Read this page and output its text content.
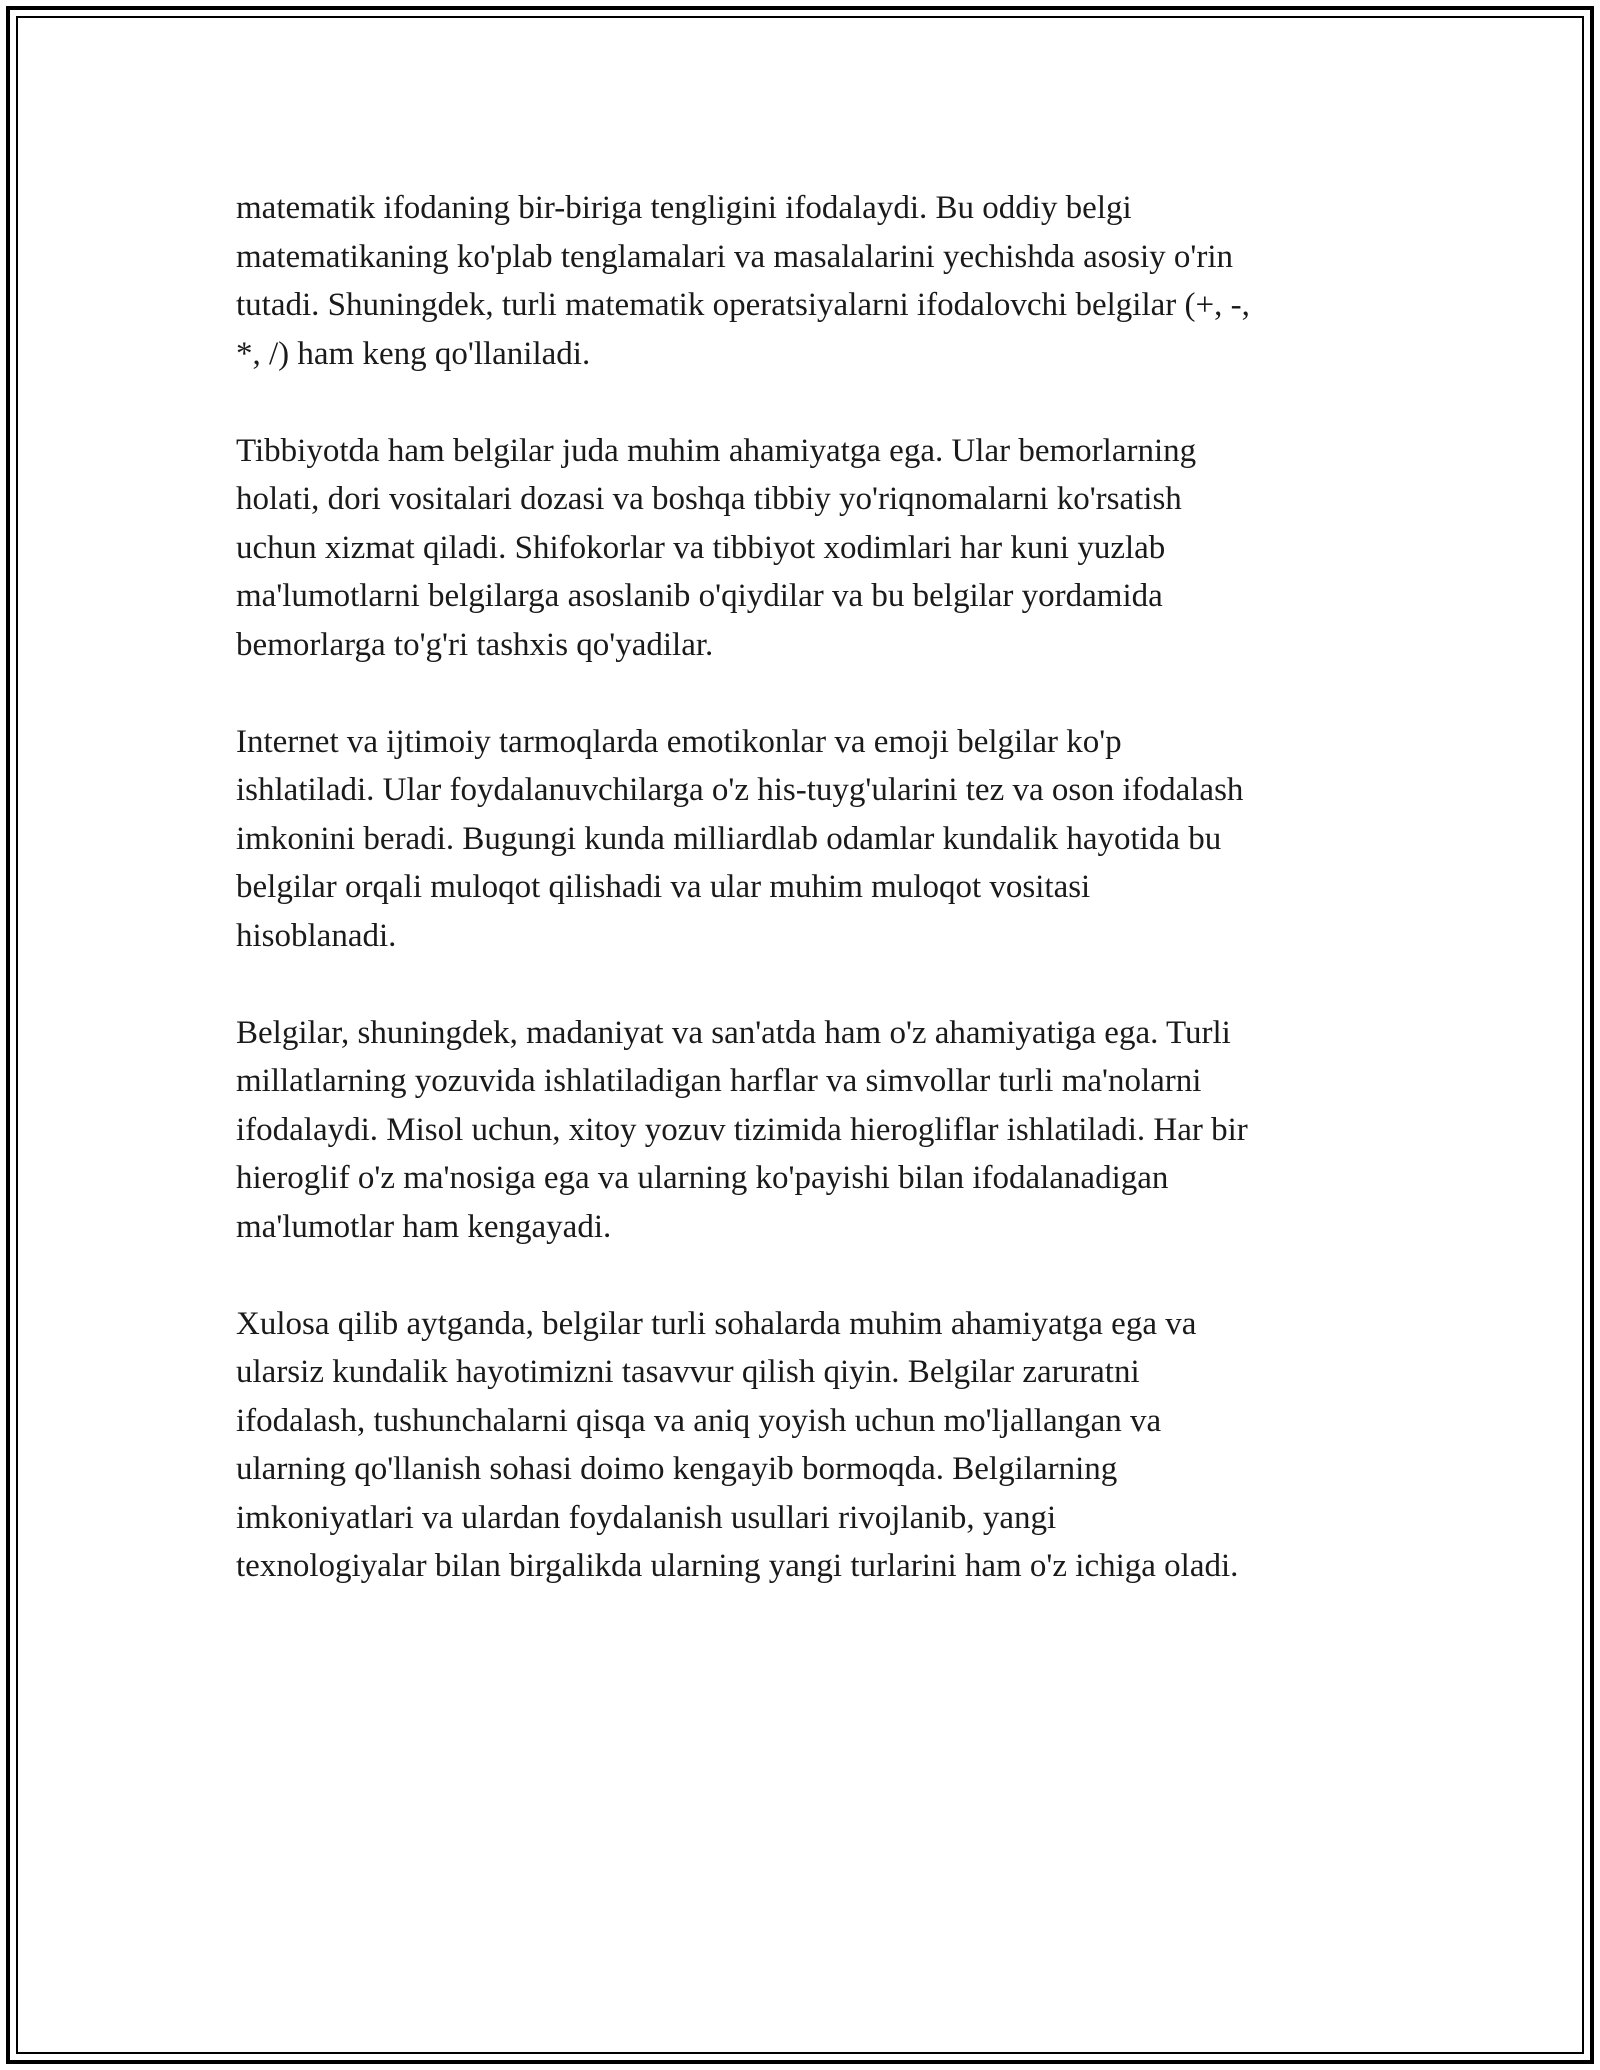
matematik ifodaning bir-biriga tengligini ifodalaydi. Bu oddiy belgi
matematikaning ko'plab tenglamalari va masalalarini yechishda asosiy o'rin
tutadi. Shuningdek, turli matematik operatsiyalarni ifodalovchi belgilar (+, -,
*, /) ham keng qo'llaniladi.

Tibbiyotda ham belgilar juda muhim ahamiyatga ega. Ular bemorlarning
holati, dori vositalari dozasi va boshqa tibbiy yo'riqnomalarni ko'rsatish
uchun xizmat qiladi. Shifokorlar va tibbiyot xodimlari har kuni yuzlab
ma'lumotlarni belgilarga asoslanib o'qiydilar va bu belgilar yordamida
bemorlarga to'g'ri tashxis qo'yadilar.

Internet va ijtimoiy tarmoqlarda emotikonlar va emoji belgilar ko'p
ishlatiladi. Ular foydalanuvchilarga o'z his-tuyg'ularini tez va oson ifodalash
imkonini beradi. Bugungi kunda milliardlab odamlar kundalik hayotida bu
belgilar orqali muloqot qilishadi va ular muhim muloqot vositasi
hisoblanadi.

Belgilar, shuningdek, madaniyat va san'atda ham o'z ahamiyatiga ega. Turli
millatlarning yozuvida ishlatiladigan harflar va simvollar turli ma'nolarni
ifodalaydi. Misol uchun, xitoy yozuv tizimida hierogliflar ishlatiladi. Har bir
hieroglif o'z ma'nosiga ega va ularning ko'payishi bilan ifodalanadigan
ma'lumotlar ham kengayadi.

Xulosa qilib aytganda, belgilar turli sohalarda muhim ahamiyatga ega va
ularsiz kundalik hayotimizni tasavvur qilish qiyin. Belgilar zaruratni
ifodalash, tushunchalarni qisqa va aniq yoyish uchun mo'ljallangan va
ularning qo'llanish sohasi doimo kengayib bormoqda. Belgilarning
imkoniyatlari va ulardan foydalanish usullari rivojlanib, yangi
texnologiyalar bilan birgalikda ularning yangi turlarini ham o'z ichiga oladi.
